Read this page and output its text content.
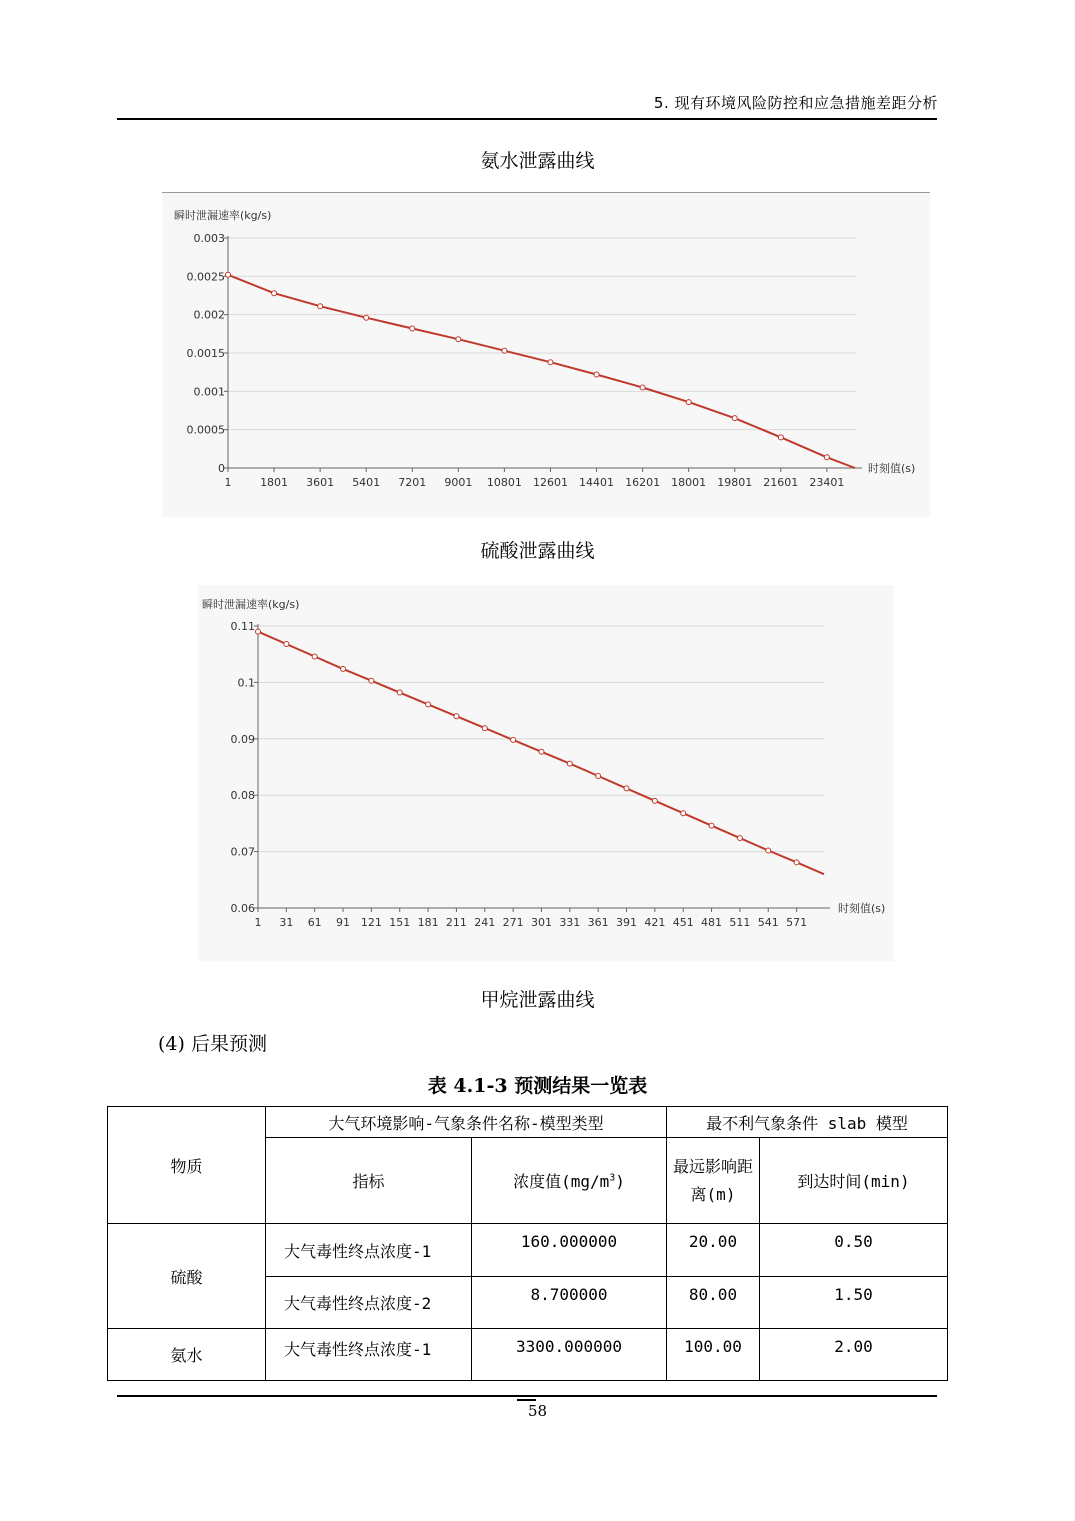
5. 现有环境风险防控和应急措施差距分析
氨水泄露曲线
0
0.0005
0.001
0.0015
0.002
0.0025
0.003
1	1801 3601 5401 7201 9001 10801 12601 14401 16201 18001 19801 21601 23401
瞬时泄漏速率(kg/s)
时刻值(s)
硫酸泄露曲线
0.06
0.07
0.08
0.09
0.1
0.11
1 31 61 91 121 151 181 211 241 271 301 331 361 391 421 451 481 511 541 571
瞬时泄漏速率(kg/s)
时刻值(s)
甲烷泄露曲线
(4) 后果预测
表 4.1-3 预测结果一览表
物质	大气环境影响-气象条件名称-模型类型		最不利气象条件 slab 模型	
	指标	浓度值$(mg/m^3)$	最远影响距离(m)	到达时间(min)
硫酸	大气毒性终点浓度-1	160.000000	20.00	0.50
	大气毒性终点浓度-2	8.700000	80.00	1.50
氨水	大气毒性终点浓度-1	3300.000000	100.00	2.00
58
